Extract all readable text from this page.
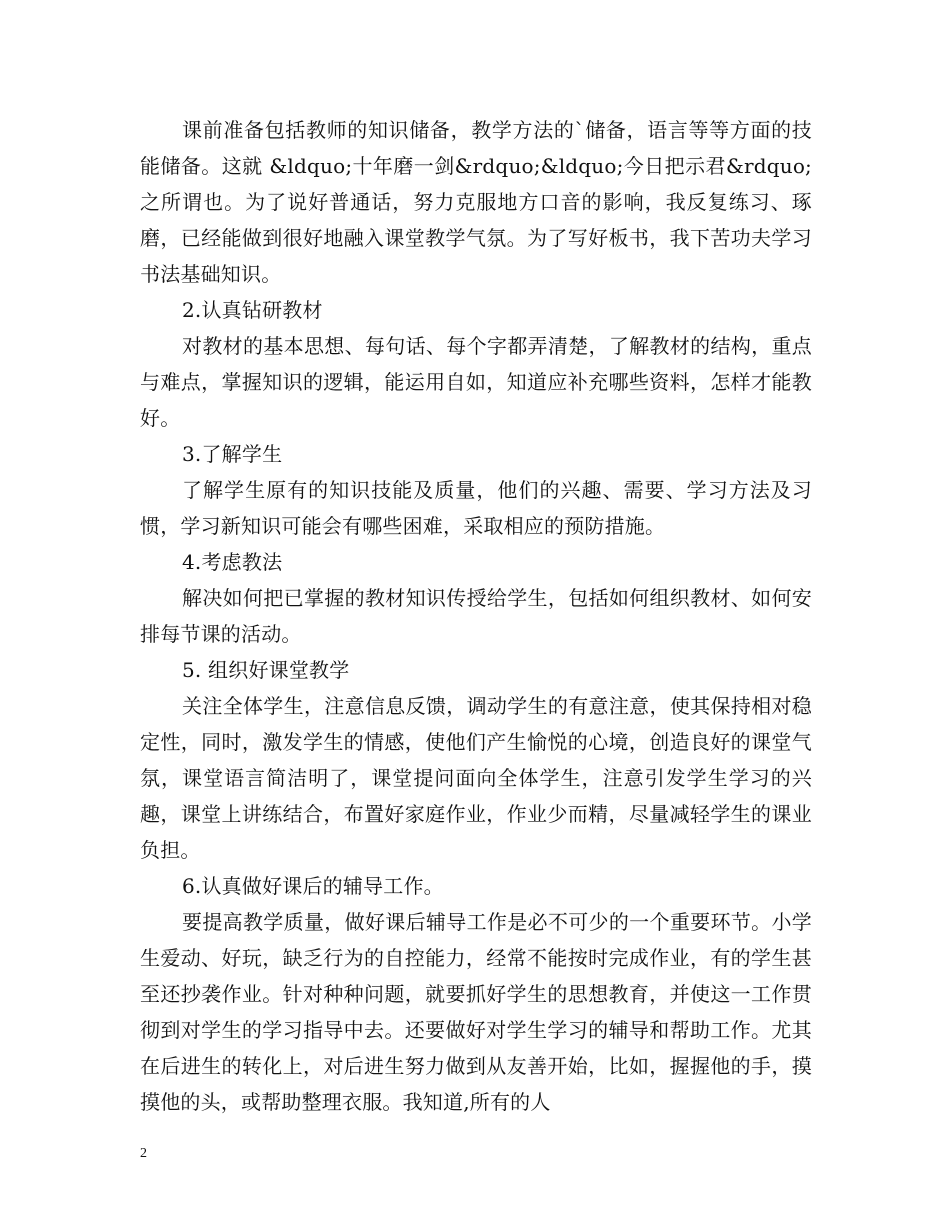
课前准备包括教师的知识储备，教学方法的`储备，语言等等方面的技能储备。这就 &ldquo;十年磨一剑&rdquo;&ldquo;今日把示君&rdquo;之所谓也。为了说好普通话，努力克服地方口音的影响，我反复练习、琢磨，已经能做到很好地融入课堂教学气氛。为了写好板书，我下苦功夫学习书法基础知识。

2.认真钻研教材

对教材的基本思想、每句话、每个字都弄清楚，了解教材的结构，重点与难点，掌握知识的逻辑，能运用自如，知道应补充哪些资料，怎样才能教好。

3.了解学生

了解学生原有的知识技能及质量，他们的兴趣、需要、学习方法及习惯，学习新知识可能会有哪些困难，采取相应的预防措施。

4.考虑教法

解决如何把已掌握的教材知识传授给学生，包括如何组织教材、如何安排每节课的活动。

5. 组织好课堂教学

关注全体学生，注意信息反馈，调动学生的有意注意，使其保持相对稳定性，同时，激发学生的情感，使他们产生愉悦的心境，创造良好的课堂气氛，课堂语言简洁明了，课堂提问面向全体学生，注意引发学生学习的兴趣，课堂上讲练结合，布置好家庭作业，作业少而精，尽量减轻学生的课业负担。

6.认真做好课后的辅导工作。

要提高教学质量，做好课后辅导工作是必不可少的一个重要环节。小学生爱动、好玩，缺乏行为的自控能力，经常不能按时完成作业，有的学生甚至还抄袭作业。针对种种问题，就要抓好学生的思想教育，并使这一工作贯彻到对学生的学习指导中去。还要做好对学生学习的辅导和帮助工作。尤其在后进生的转化上，对后进生努力做到从友善开始，比如，握握他的手，摸摸他的头，或帮助整理衣服。我知道,所有的人

2
